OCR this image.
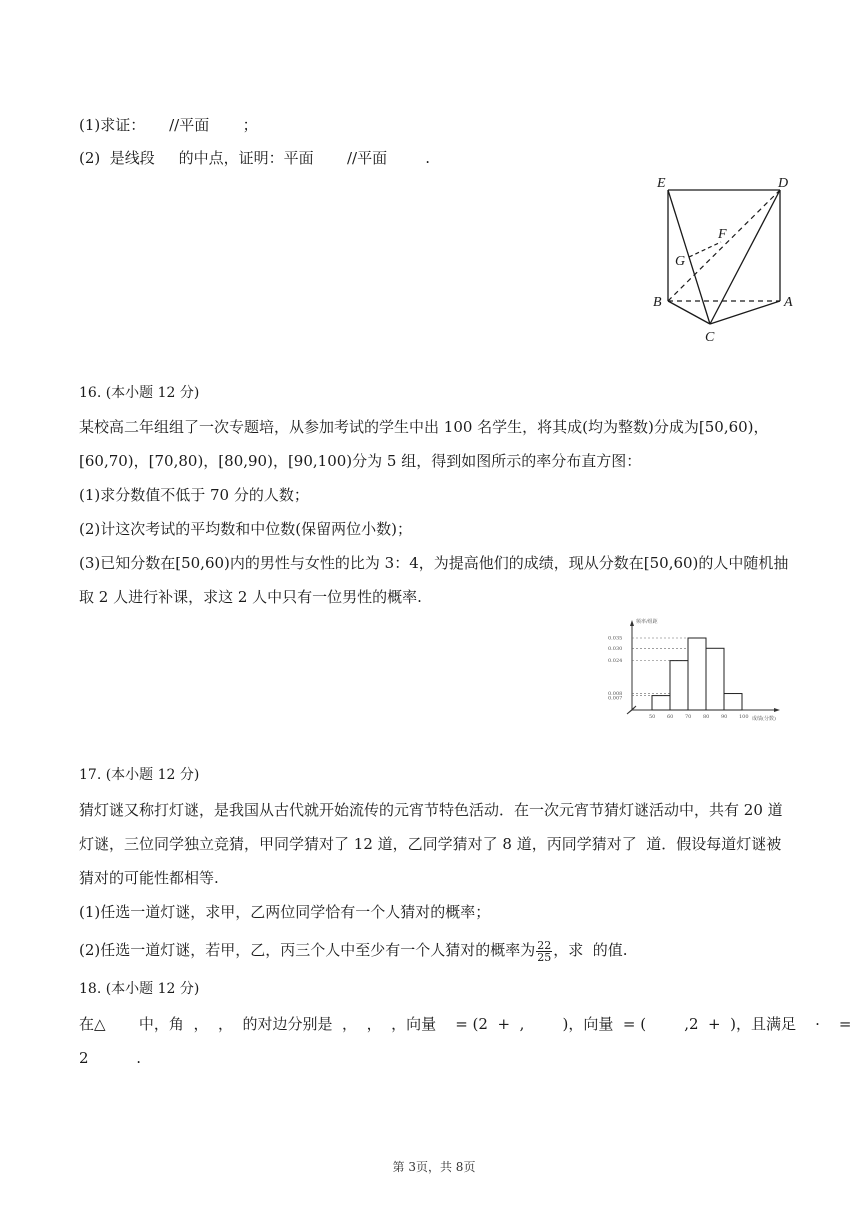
(1)求证：     //平面       ；
(2)  是线段     的中点，证明：平面       //平面        .
E	D
F
G
B	A
C
16. (本小题 12 分)
某校高二年组组了一次专题培，从参加考试的学生中出 100 名学生，将其成(均为整数)分成为[50,60)，
[60,70)，[70,80)，[80,90)，[90,100)分为 5 组，得到如图所示的率分布直方图：
(1)求分数值不低于 70 分的人数；
(2)计这次考试的平均数和中位数(保留两位小数)；
(3)已知分数在[50,60)内的男性与女性的比为 3：4，为提高他们的成绩，现从分数在[50,60)的人中随机抽
取 2 人进行补课，求这 2 人中只有一位男性的概率.
频率/组距
成绩(分数)
0.035
0.030
0.024
0.008
0.007
50 60 70 80 90 100
17. (本小题 12 分)
猜灯谜又称打灯谜，是我国从古代就开始流传的元宵节特色活动．在一次元宵节猜灯谜活动中，共有 20 道
灯谜，三位同学独立竞猜，甲同学猜对了 12 道，乙同学猜对了 8 道，丙同学猜对了  道．假设每道灯谜被
猜对的可能性都相等.
(1)任选一道灯谜，求甲，乙两位同学恰有一个人猜对的概率；
(2)任选一道灯谜，若甲，乙，丙三个人中至少有一个人猜对的概率为 $\frac{22}{25}$ ，求  的值.
18. (本小题 12 分)
在△       中，角  ，  ，  的对边分别是  ，  ，  ，向量    = (2  +  ,        )，向量  = (        ,2  +  )，且满足    ·    =
2          .
第 3页，共 8页
